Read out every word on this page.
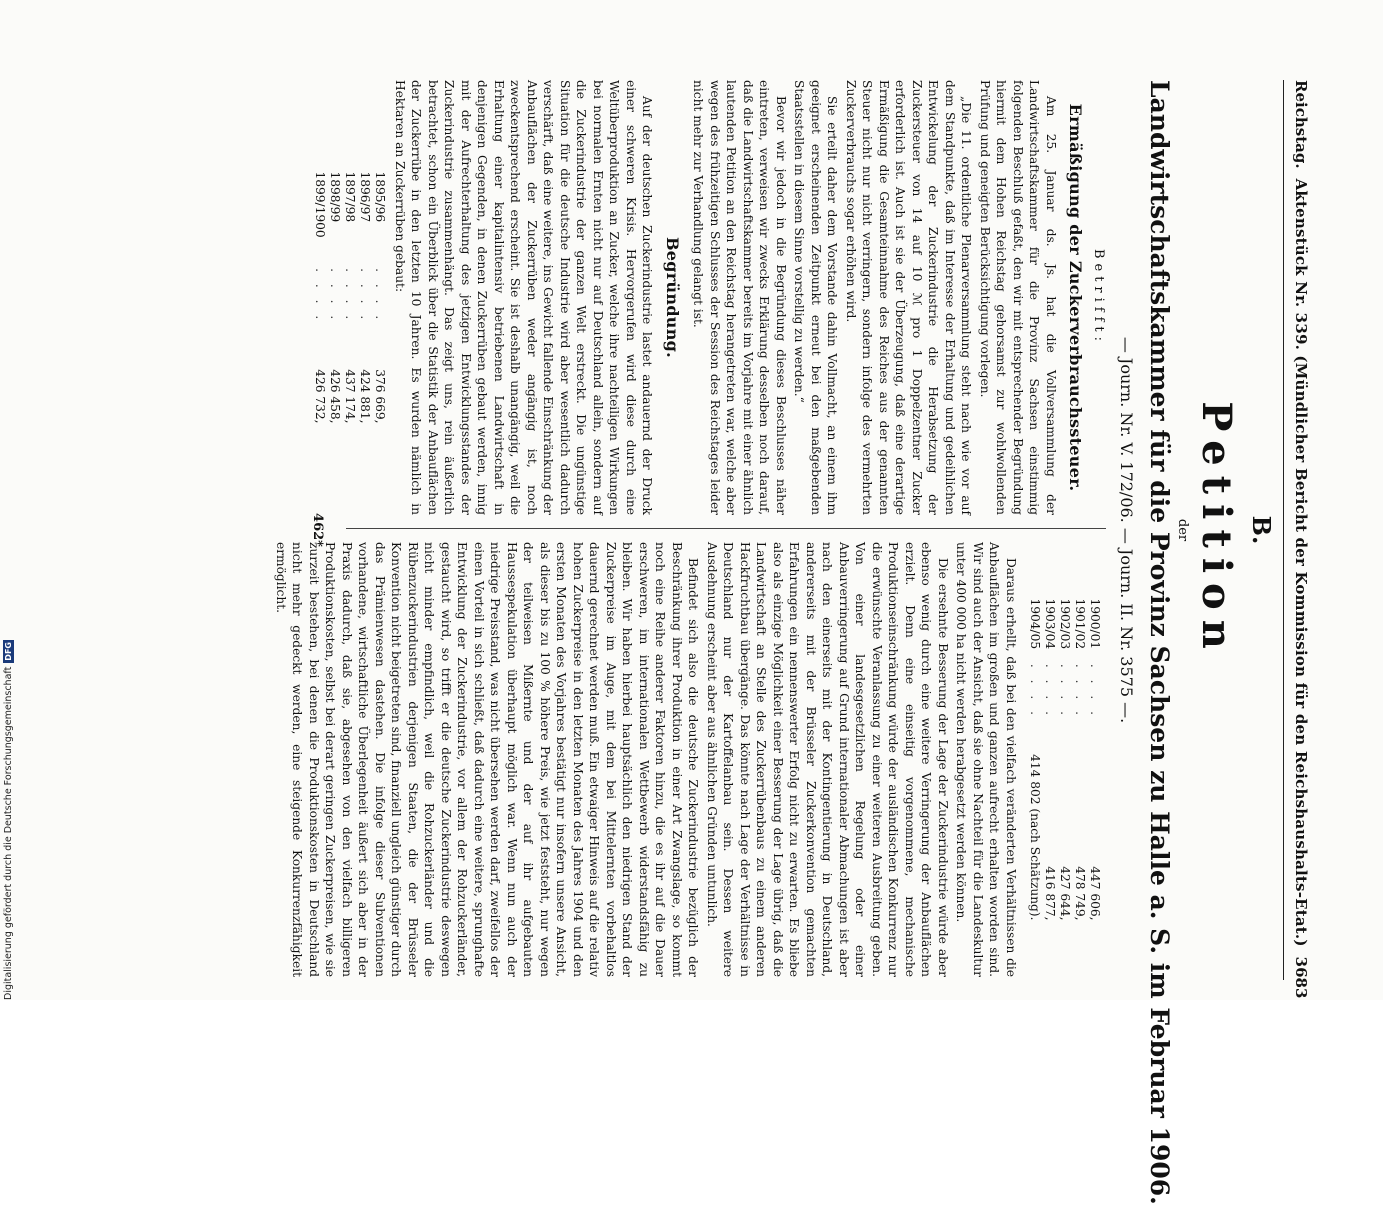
Reichstag.
Aktenstück Nr. 339. (Mündlicher Bericht der Kommission für den Reichshaushalts-Etat.)
3683
B.
Petition
der
Landwirtschaftskammer für die Provinz Sachsen zu Halle a. S. im Februar 1906.
— Journ. Nr. V. 172/06. — Journ. II. Nr. 3575 —.
Betrifft:
Ermäßigung der Zuckerverbrauchssteuer.

Am 25. Januar ds. Js. hat die Vollversammlung der Landwirtschaftskammer für die Provinz Sachsen einstimmig folgenden Beschluß gefaßt, den wir mit entsprechender Begründung hiermit dem Hohen Reichstag gehorsamst zur wohlwollenden Prüfung und geneigten Berücksichtigung vorlegen.

„Die 11. ordentliche Plenarversammlung steht nach wie vor auf dem Standpunkte, daß im Interesse der Erhaltung und gedeihlichen Entwickelung der Zuckerindustrie die Herabsetzung der Zuckersteuer von 14 auf 10 ℳ pro 1 Doppelzentner Zucker erforderlich ist. Auch ist sie der Überzeugung, daß eine derartige Ermäßigung die Gesamteinnahme des Reiches aus der genannten Steuer nicht nur nicht verringern, sondern infolge des vermehrten Zuckerverbrauchs sogar erhöhen wird.

Sie erteilt daher dem Vorstande dahin Vollmacht, an einem ihm geeignet erscheinenden Zeitpunkt erneut bei den maßgebenden Staatsstellen in diesem Sinne vorstellig zu werden.“

Bevor wir jedoch in die Begründung dieses Beschlusses näher eintreten, verweisen wir zwecks Erklärung desselben noch darauf, daß die Landwirtschaftskammer bereits im Vorjahre mit einer ähnlich lautenden Petition an den Reichstag herangetreten war, welche aber wegen des frühzeitigen Schlusses der Session des Reichstages leider nicht mehr zur Verhandlung gelangt ist.

Begründung.

Auf der deutschen Zuckerindustrie lastet andauernd der Druck einer schweren Krisis. Hervorgerufen wird diese durch eine Weltüberproduktion an Zucker, welche ihre nachteiligen Wirkungen bei normalen Ernten nicht nur auf Deutschland allein, sondern auf die Zuckerindustrie der ganzen Welt erstreckt. Die ungünstige Situation für die deutsche Industrie wird aber wesentlich dadurch verschärft, daß eine weitere, ins Gewicht fallende Einschränkung der Anbauflächen der Zuckerrüben weder angängig ist, noch zweckentsprechend erscheint. Sie ist deshalb unangängig, weil die Erhaltung einer kapitalintensiv betriebenen Landwirtschaft in denjenigen Gegenden, in denen Zuckerrüben gebaut werden, innig mit der Aufrechterhaltung des jetzigen Entwicklungsstandes der Zuckerindustrie zusammenhängt. Das zeigt uns, rein äußerlich betrachtet, schon ein Überblick über die Statistik der Anbauflächen der Zuckerrübe in den letzten 10 Jahren. Es wurden nämlich in Hektaren an Zuckerrüben gebaut:

1895/96	. . . .	376 669,
1896/97	. . . .	424 881,
1897/98	. . . .	437 174,
1898/99	. . . .	426 458,
1899/1900	. . . .	426 732,
1900/01	. . . .	447 606,
1901/02	. . . .	478 749,
1902/03	. . . .	427 644,
1903/04	. . . .	416 877,
1904/05	. . . .	414 802 (nach Schätzung).

Daraus erhellt, daß bei den vielfach veränderten Verhältnissen die Anbauflächen im großen und ganzen aufrecht erhalten worden sind. Wir sind auch der Ansicht, daß sie ohne Nachteil für die Landeskultur unter 400 000 ha nicht werden herabgesetzt werden können.

Die ersehnte Besserung der Lage der Zuckerindustrie würde aber ebenso wenig durch eine weitere Verringerung der Anbauflächen erzielt. Denn eine einseitig vorgenommene, mechanische Produktionseinschränkung würde der ausländischen Konkurrenz nur die erwünschte Veranlassung zu einer weiteren Ausbreitung geben. Von einer landesgesetzlichen Regelung oder einer Anbauverringerung auf Grund internationaler Abmachungen ist aber nach den einerseits mit der Kontingentierung in Deutschland, andererseits mit der Brüsseler Zuckerkonvention gemachten Erfahrungen ein nennenswerter Erfolg nicht zu erwarten. Es bliebe also als einzige Möglichkeit einer Besserung der Lage übrig, daß die Landwirtschaft an Stelle des Zuckerrübenbaus zu einem anderen Hackfruchtbau übergänge. Das könnte nach Lage der Verhältnisse in Deutschland nur der Kartoffelanbau sein. Dessen weitere Ausdehnung erscheint aber aus ähnlichen Gründen untunlich.

Befindet sich also die deutsche Zuckerindustrie bezüglich der Beschränkung ihrer Produktion in einer Art Zwangslage, so kommt noch eine Reihe anderer Faktoren hinzu, die es ihr auf die Dauer erschweren, im internationalen Wettbewerb widerstandsfähig zu bleiben. Wir haben hierbei hauptsächlich den niedrigen Stand der Zuckerpreise im Auge, mit dem bei Mittelernten vorbehaltlos dauernd gerechnet werden muß. Ein etwaiger Hinweis auf die relativ hohen Zuckerpreise in den letzten Monaten des Jahres 1904 und den ersten Monaten des Vorjahres bestätigt nur insofern unsere Ansicht, als dieser bis zu 100 % höhere Preis, wie jetzt feststeht, nur wegen der teilweisen Mißernte und der auf ihr aufgebauten Haussespekulation überhaupt möglich war. Wenn nun auch der niedrige Preisstand, was nicht übersehen werden darf, zweifellos der einen Vorteil in sich schließt, daß dadurch eine weitere, sprunghafte Entwicklung der Zuckerindustrie, vor allem der Rohzuckerländer, gestaucht wird, so trifft er die deutsche Zuckerindustrie deswegen nicht minder empfindlich, weil die Rohzuckerländer und die Rübenzuckerindustrien derjenigen Staaten, die der Brüsseler Konvention nicht beigetreten sind, finanziell ungleich günstiger durch das Prämienwesen dastehen. Die infolge dieser Subventionen vorhandene, wirtschaftliche Überlegenheit äußert sich aber in der Praxis dadurch, daß sie, abgesehen von den vielfach billigeren Produktionskosten, selbst bei derart geringen Zuckerpreisen, wie sie zurzeit bestehen, bei denen die Produktionskosten in Deutschland nicht mehr gedeckt werden, eine steigende Konkurrenzfähigkeit ermöglicht.

462*
Digitalisierung gefördert durch die Deutsche Forschungsgemeinschaft
DFG
